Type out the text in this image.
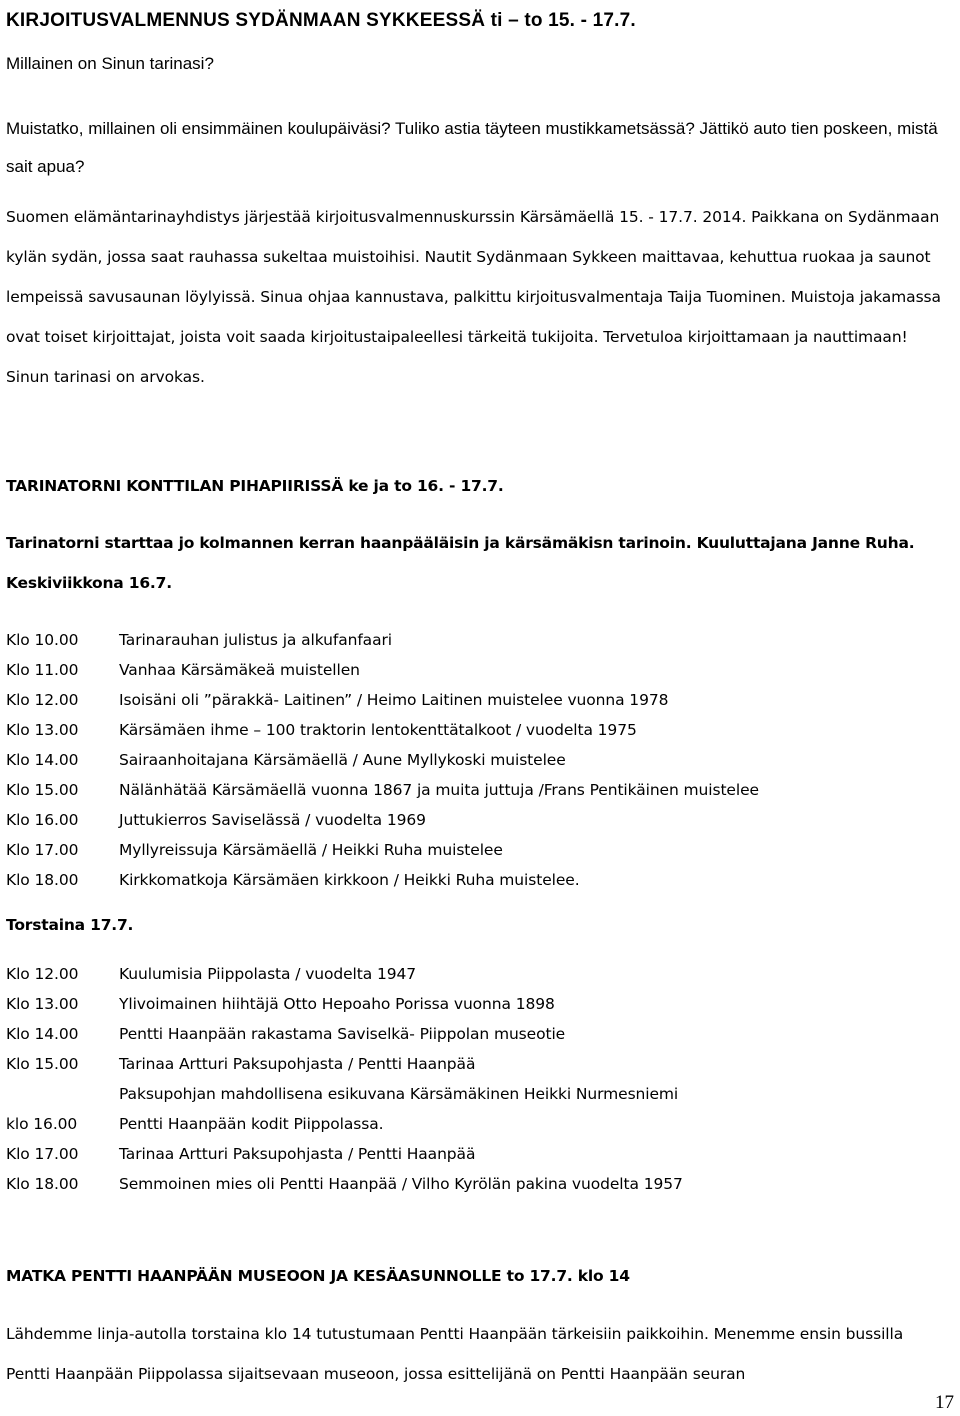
KIRJOITUSVALMENNUS SYDÄNMAAN SYKKEESSÄ ti – to 15. - 17.7.
Millainen on Sinun tarinasi?
Muistatko, millainen oli ensimmäinen koulupäiväsi? Tuliko astia täyteen mustikkametsässä? Jättikö auto tien poskeen, mistä sait apua?
Suomen elämäntarinayhdistys järjestää kirjoitusvalmennuskurssin Kärsämäellä 15. - 17.7. 2014. Paikkana on Sydänmaan kylän sydän, jossa saat rauhassa sukeltaa muistoihisi. Nautit Sydänmaan Sykkeen maittavaa, kehuttua ruokaa ja saunot lempeissä savusaunan löylyissä. Sinua ohjaa kannustava, palkittu kirjoitusvalmentaja Taija Tuominen. Muistoja jakamassa ovat toiset kirjoittajat, joista voit saada kirjoitustaipaleellesi tärkeitä tukijoita. Tervetuloa kirjoittamaan ja nauttimaan! Sinun tarinasi on arvokas.
TARINATORNI KONTTILAN PIHAPIIRISSÄ ke ja to 16. - 17.7.
Tarinatorni starttaa jo kolmannen kerran haanpääläisin ja kärsämäkisn tarinoin. Kuuluttajana Janne Ruha. Keskiviikkona 16.7.
Klo 10.00	Tarinarauhan julistus ja alkufanfaari
Klo 11.00	Vanhaa Kärsämäkeä muistellen
Klo 12.00	Isoisäni oli ”pärakkä- Laitinen” / Heimo Laitinen muistelee vuonna 1978
Klo 13.00	Kärsämäen ihme – 100 traktorin lentokenttätalkoot / vuodelta 1975
Klo 14.00	Sairaanhoitajana Kärsämäellä / Aune Myllykoski muistelee
Klo 15.00	Nälänhätää Kärsämäellä vuonna 1867 ja muita juttuja /Frans Pentikäinen muistelee
Klo 16.00	Juttukierros Saviselässä / vuodelta 1969
Klo 17.00	Myllyreissuja Kärsämäellä / Heikki Ruha muistelee
Klo 18.00	Kirkkomatkoja Kärsämäen kirkkoon / Heikki Ruha muistelee.
Torstaina 17.7.
Klo 12.00	Kuulumisia Piippolasta / vuodelta 1947
Klo 13.00	Ylivoimainen hiihtäjä Otto Hepoaho Porissa vuonna 1898
Klo 14.00	Pentti Haanpään rakastama Saviselkä- Piippolan museotie
Klo 15.00	Tarinaa Artturi Paksupohjasta / Pentti Haanpää
Paksupohjan mahdollisena esikuvana Kärsämäkinen Heikki Nurmesniemi
klo 16.00	Pentti Haanpään kodit Piippolassa.
Klo 17.00	Tarinaa Artturi Paksupohjasta / Pentti Haanpää
Klo 18.00	Semmoinen mies oli Pentti Haanpää / Vilho Kyrölän pakina vuodelta 1957
MATKA PENTTI HAANPÄÄN MUSEOON JA KESÄASUNNOLLE to 17.7. klo 14
Lähdemme linja-autolla torstaina klo 14 tutustumaan Pentti Haanpään tärkeisiin paikkoihin. Menemme ensin bussilla Pentti Haanpään Piippolassa sijaitsevaan museoon, jossa esittelijänä on Pentti Haanpään seuran
17
